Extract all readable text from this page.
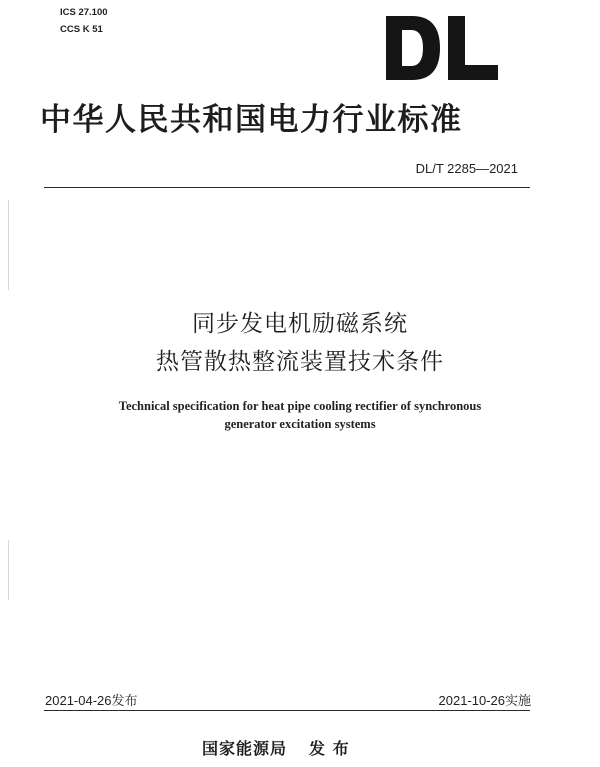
ICS 27.100
CCS K 51
中华人民共和国电力行业标准
DL/T 2285—2021
同步发电机励磁系统
热管散热整流装置技术条件
Technical specification for heat pipe cooling rectifier of synchronous
generator excitation systems
2021-04-26发布	2021-10-26实施
国家能源局 发 布
